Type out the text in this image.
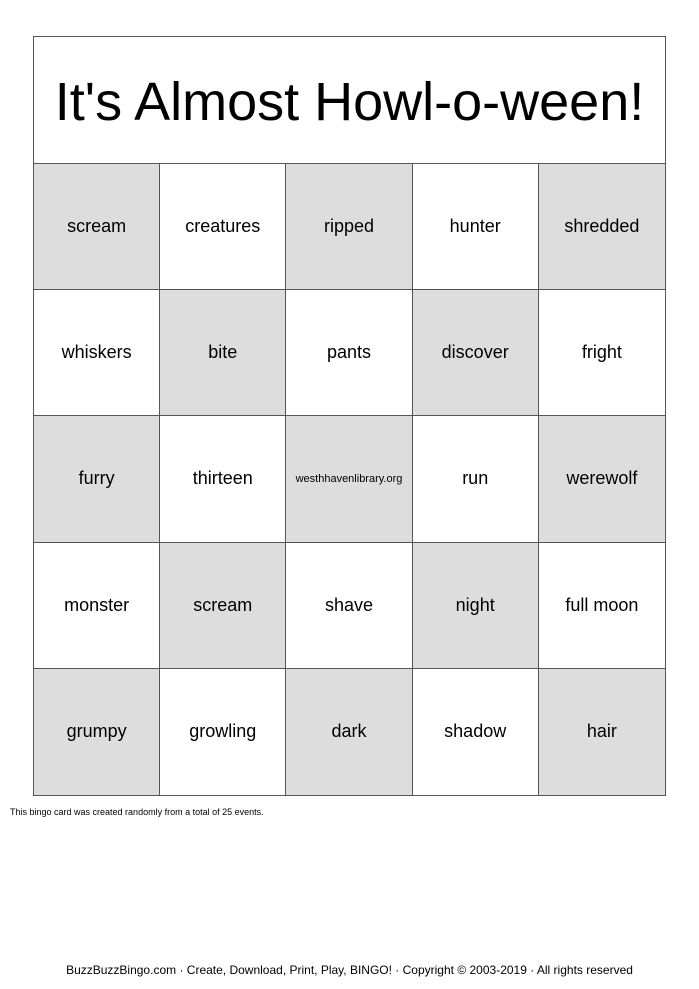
It's Almost Howl-o-ween!
scream	creatures	ripped	hunter	shredded
whiskers	bite	pants	discover	fright
furry	thirteen	westhhavenlibrary.org	run	werewolf
monster	scream	shave	night	full moon
grumpy	growling	dark	shadow	hair
This bingo card was created randomly from a total of 25 events.
BuzzBuzzBingo.com · Create, Download, Print, Play, BINGO! · Copyright © 2003-2019 · All rights reserved
